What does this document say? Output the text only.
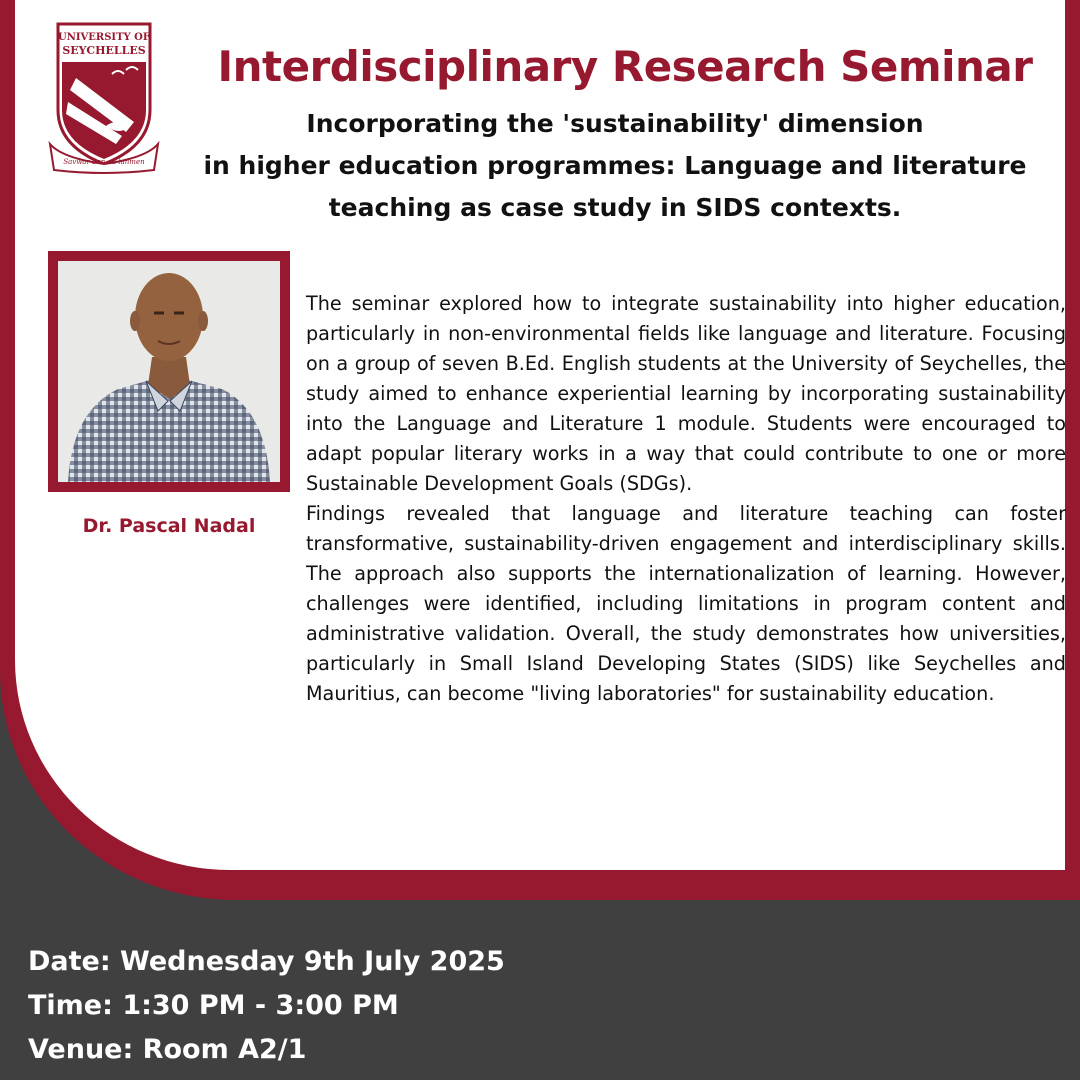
UNIVERSITY OF
SEYCHELLES
Savwar dan ou lanmen
Interdisciplinary Research Seminar
Incorporating the 'sustainability' dimension
in higher education programmes: Language and literature
teaching as case study in SIDS contexts.
Dr. Pascal Nadal

The seminar explored how to integrate sustainability into higher education, particularly in non-environmental fields like language and literature. Focusing on a group of seven B.Ed. English students at the University of Seychelles, the study aimed to enhance experiential learning by incorporating sustainability into the Language and Literature 1 module. Students were encouraged to adapt popular literary works in a way that could contribute to one or more Sustainable Development Goals (SDGs).

Findings revealed that language and literature teaching can foster transformative, sustainability-driven engagement and interdisciplinary skills. The approach also supports the internationalization of learning. However, challenges were identified, including limitations in program content and administrative validation. Overall, the study demonstrates how universities, particularly in Small Island Developing States (SIDS) like Seychelles and Mauritius, can become "living laboratories" for sustainability education.

Date: Wednesday 9th July 2025
Time: 1:30 PM - 3:00 PM
Venue: Room A2/1
